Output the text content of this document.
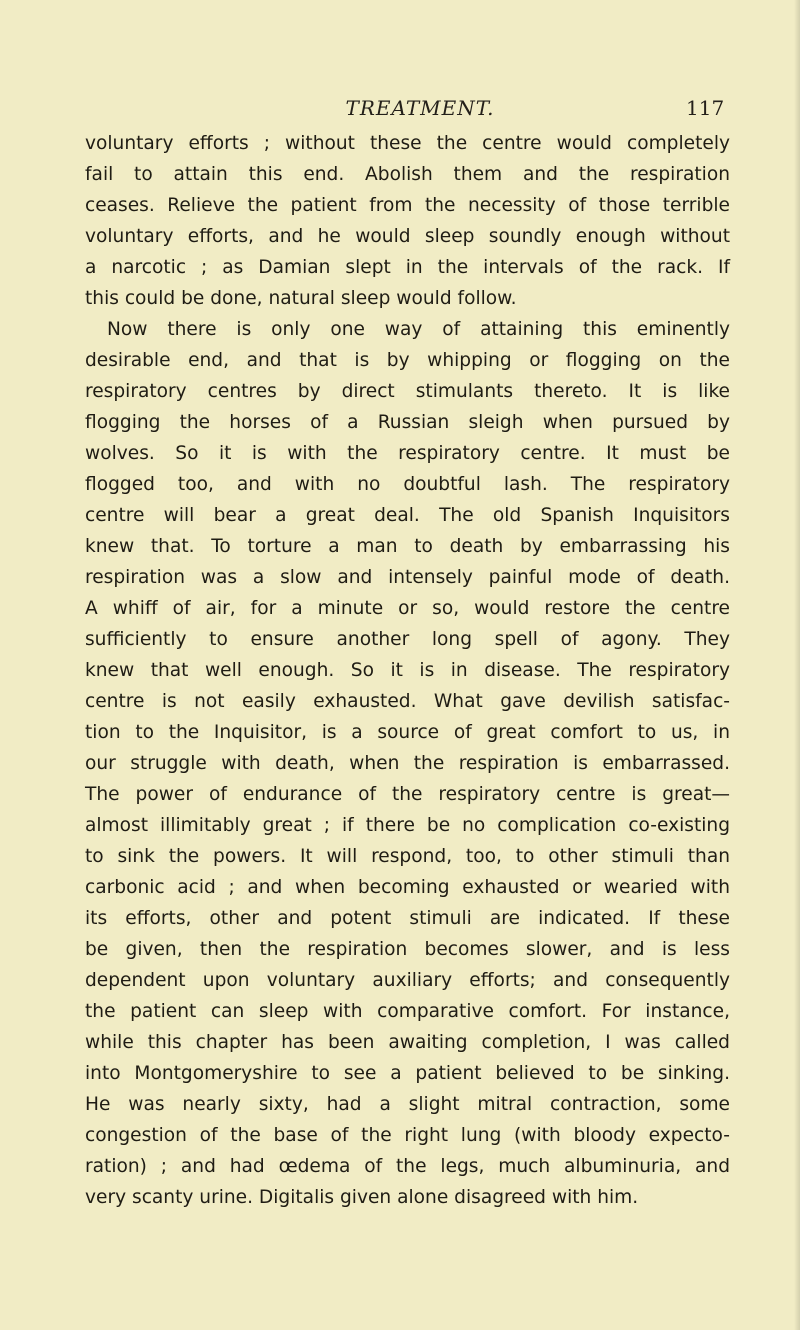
TREATMENT.	117
voluntary efforts ; without these the centre would completely
fail to attain this end. Abolish them and the respiration
ceases. Relieve the patient from the necessity of those terrible
voluntary efforts, and he would sleep soundly enough without
a narcotic ; as Damian slept in the intervals of the rack. If
this could be done, natural sleep would follow.
Now there is only one way of attaining this eminently
desirable end, and that is by whipping or flogging on the
respiratory centres by direct stimulants thereto. It is like
flogging the horses of a Russian sleigh when pursued by
wolves. So it is with the respiratory centre. It must be
flogged too, and with no doubtful lash. The respiratory
centre will bear a great deal. The old Spanish Inquisitors
knew that. To torture a man to death by embarrassing his
respiration was a slow and intensely painful mode of death.
A whiff of air, for a minute or so, would restore the centre
sufficiently to ensure another long spell of agony. They
knew that well enough. So it is in disease. The respiratory
centre is not easily exhausted. What gave devilish satisfac-
tion to the Inquisitor, is a source of great comfort to us, in
our struggle with death, when the respiration is embarrassed.
The power of endurance of the respiratory centre is great—
almost illimitably great ; if there be no complication co-existing
to sink the powers. It will respond, too, to other stimuli than
carbonic acid ; and when becoming exhausted or wearied with
its efforts, other and potent stimuli are indicated. If these
be given, then the respiration becomes slower, and is less
dependent upon voluntary auxiliary efforts; and consequently
the patient can sleep with comparative comfort. For instance,
while this chapter has been awaiting completion, I was called
into Montgomeryshire to see a patient believed to be sinking.
He was nearly sixty, had a slight mitral contraction, some
congestion of the base of the right lung (with bloody expecto-
ration) ; and had œdema of the legs, much albuminuria, and
very scanty urine. Digitalis given alone disagreed with him.
